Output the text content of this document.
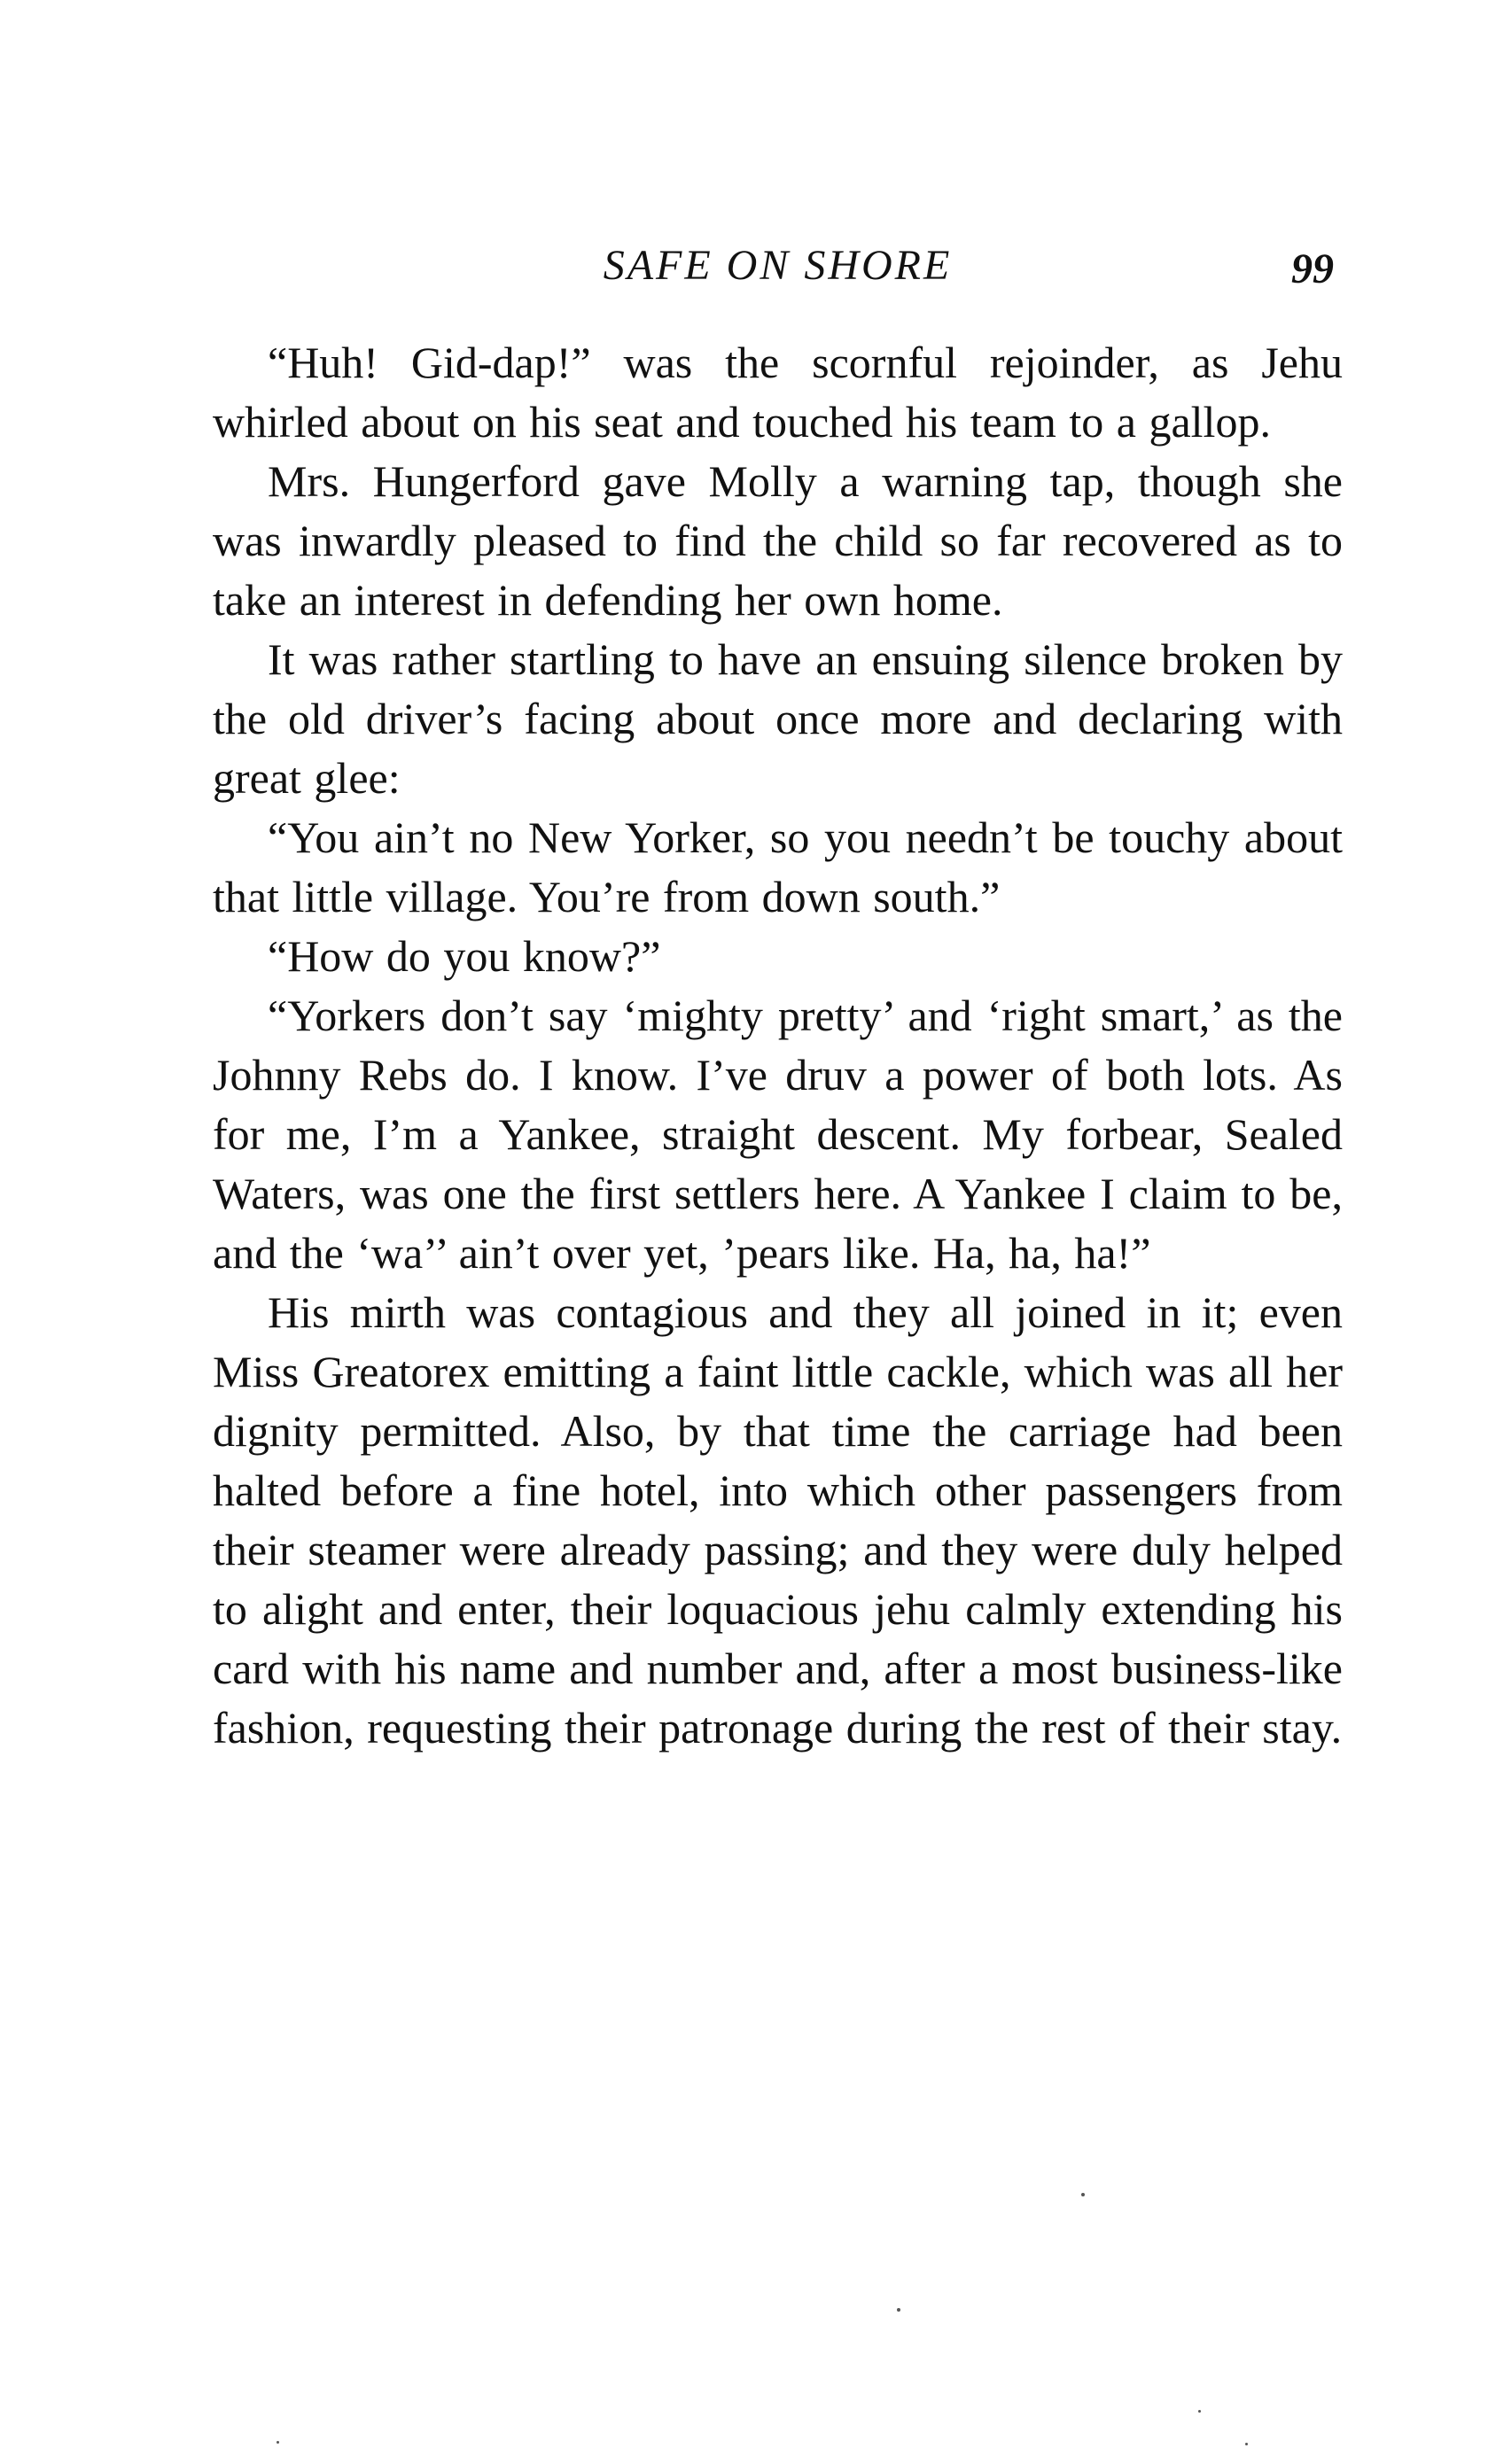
SAFE ON SHORE	99

“Huh! Gid-dap!” was the scornful rejoinder, as Jehu whirled about on his seat and touched his team to a gallop.

Mrs. Hungerford gave Molly a warning tap, though she was inwardly pleased to find the child so far recovered as to take an interest in defending her own home.

It was rather startling to have an ensuing silence broken by the old driver’s facing about once more and declaring with great glee:

“You ain’t no New Yorker, so you needn’t be touchy about that little village. You’re from down south.”

“How do you know?”

“Yorkers don’t say ‘mighty pretty’ and ‘right smart,’ as the Johnny Rebs do. I know. I’ve druv a power of both lots. As for me, I’m a Yankee, straight descent. My forbear, Sealed Waters, was one the first settlers here. A Yankee I claim to be, and the ‘wa’’ ain’t over yet, ’pears like. Ha, ha, ha!”

His mirth was contagious and they all joined in it; even Miss Greatorex emitting a faint little cackle, which was all her dignity permitted. Also, by that time the carriage had been halted before a fine hotel, into which other passengers from their steamer were already passing; and they were duly helped to alight and enter, their loquacious jehu calmly extending his card with his name and number and, after a most business-like fashion, requesting their patronage during the rest of their stay.
